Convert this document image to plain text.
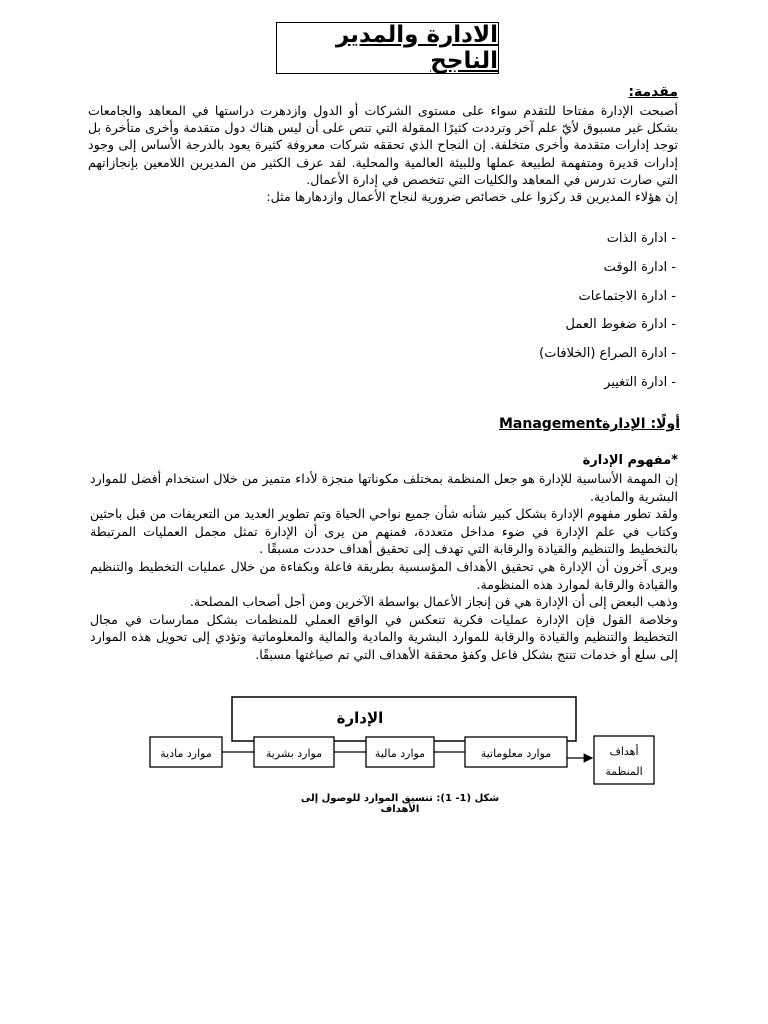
الادارة والمدير الناجح
مقدمة:

أصبحت الإدارة مفتاحا للتقدم سواء على مستوى الشركات أو الدول وازدهرت دراستها في المعاهد والجامعات بشكل غير مسبوق لأيّ علم آخر وترددت كثيرًا المقولة التي تنص على أن ليس هناك دول متقدمة وأخرى متأخرة بل توجد إدارات متقدمة وأخرى متخلفة. إن النجاح الذي تحققه شركات معروفة كثيرة يعود بالدرجة الأساس إلى وجود إدارات قديرة ومتفهمة لطبيعة عملها وللبيئة العالمية والمحلية. لقد عرف الكثير من المديرين اللامعين بإنجازاتهم التي صارت تدرس في المعاهد والكليات التي تتخصص في إدارة الأعمال.

إن هؤلاء المديرين قد ركزوا على خصائص ضرورية لنجاح الأعمال وازدهارها مثل:

- ادارة الذات
- ادارة الوقت
- ادارة الاجتماعات
- ادارة ضغوط العمل
- ادارة الصراع (الخلافات)
- ادارة التغيير
أولًا: الإدارةManagement
*مفهوم الإدارة

إن المهمة الأساسية للإدارة هو جعل المنظمة بمختلف مكوناتها منجزة لأداء متميز من خلال استخدام أفضل للموارد البشرية والمادية.

ولقد تطور مفهوم الإدارة بشكل كبير شأنه شأن جميع نواحي الحياة وتم تطوير العديد من التعريفات من قبل باحثين وكتاب في علم الإدارة في ضوء مداخل متعددة، فمنهم من يرى أن الإدارة تمثل مجمل العمليات المرتبطة بالتخطيط والتنظيم والقيادة والرقابة التي تهدف إلى تحقيق أهداف حددت مسبقًا .

ويرى آخرون أن الإدارة هي تحقيق الأهداف المؤسسية بطريقة فاعلة وبكفاءة من خلال عمليات التخطيط والتنظيم والقيادة والرقابة لموارد هذه المنظومة.

وذهب البعض إلى أن الإدارة هي فن إنجاز الأعمال بواسطة الآخرين ومن أجل أصحاب المصلحة.

وخلاصة القول فإن الإدارة عمليات فكرية تنعكس في الواقع العملي للمنظمات بشكل ممارسات في مجال التخطيط والتنظيم والقيادة والرقابة للموارد البشرية والمادية والمالية والمعلوماتية وتؤدي إلى تحويل هذه الموارد إلى سلع أو خدمات تنتج بشكل فاعل وكفؤ محققة الأهداف التي تم صياغتها مسبقًا.

الإدارة
موارد مادية	موارد بشرية	موارد مالية	موارد معلوماتية	أهداف
المنظمة
شكل (1- 1): تنسيق الموارد للوصول إلى الأهداف
